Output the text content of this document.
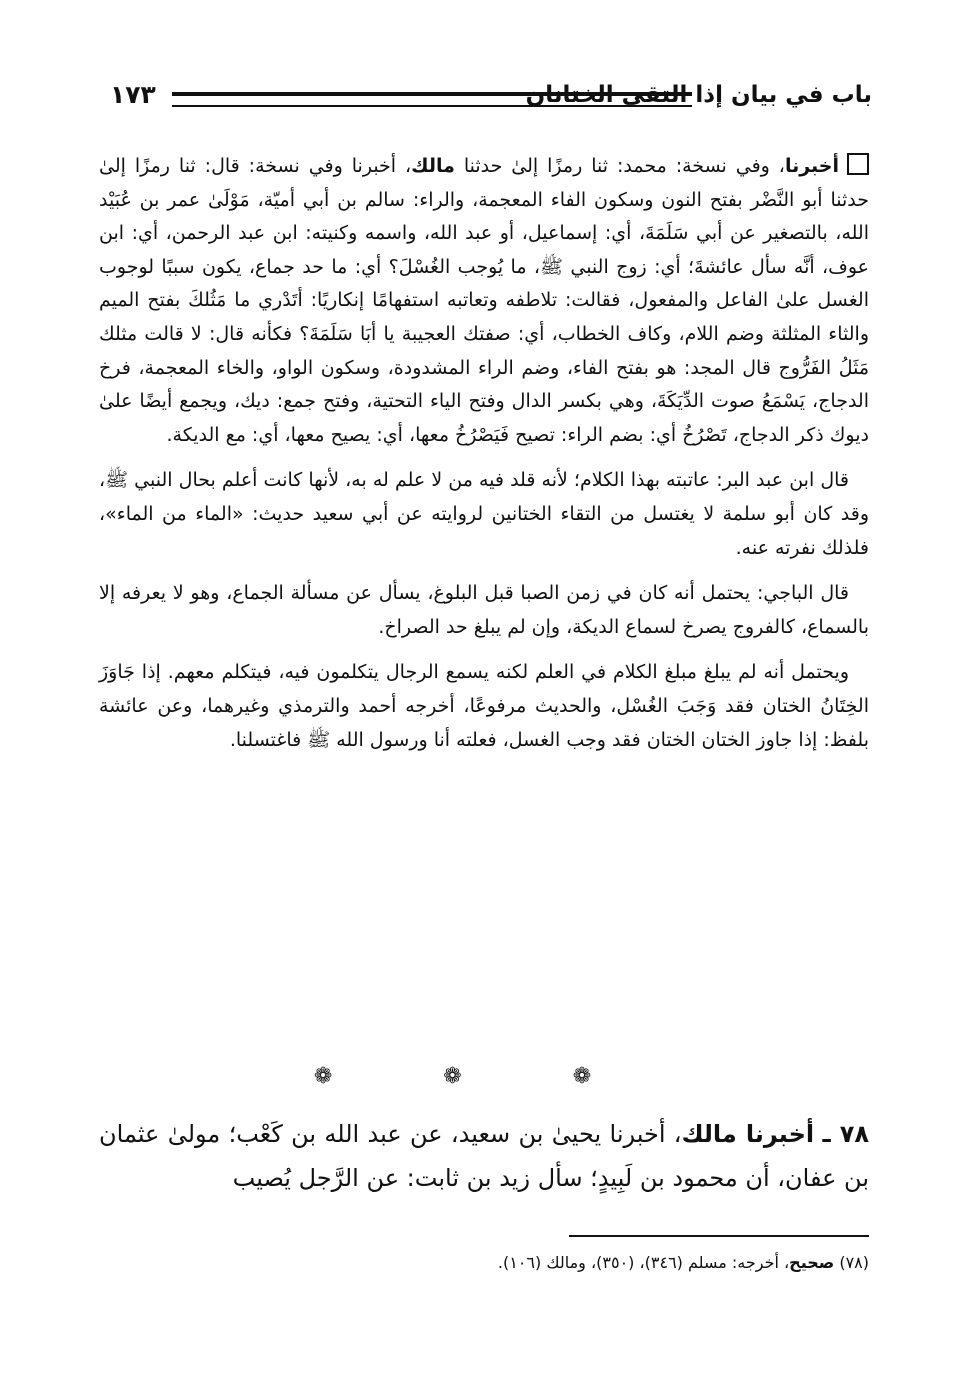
باب في بيان إذا التقى الختانان
١٧٣

أخبرنا، وفي نسخة: محمد: ثنا رمزًا إلىٰ حدثنا مالك، أخبرنا وفي نسخة: قال: ثنا رمزًا إلىٰ حدثنا أبو النَّضْر بفتح النون وسكون الفاء المعجمة، والراء: سالم بن أبي أميّة، مَوْلَىٰ عمر بن عُبَيْد الله، بالتصغير عن أبي سَلَمَةَ، أي: إسماعيل، أو عبد الله، واسمه وكنيته: ابن عبد الرحمن، أي: ابن عوف، أنَّه سأل عائشةَ؛ أي: زوج النبي ﷺ، ما يُوجب الغُسْلَ؟ أي: ما حد جماع، يكون سببًا لوجوب الغسل علىٰ الفاعل والمفعول، فقالت: تلاطفه وتعاتبه استفهامًا إنكاريًا: أتَدْري ما مَثُلكَ بفتح الميم والثاء المثلثة وضم اللام، وكاف الخطاب، أي: صفتك العجيبة يا أبَا سَلَمَةَ؟ فكأنه قال: لا قالت مثلك مَثَلُ الفَرُّوج قال المجد: هو بفتح الفاء، وضم الراء المشدودة، وسكون الواو، والخاء المعجمة، فرخ الدجاج، يَسْمَعُ صوت الدِّيَكَةَ، وهي بكسر الدال وفتح الياء التحتية، وفتح جمع: ديك، ويجمع أيضًا علىٰ ديوك ذكر الدجاج، تَصْرُخُ أي: بضم الراء: تصيح فَيَصْرُخُ معها، أي: يصيح معها، أي: مع الديكة.

قال ابن عبد البر: عاتبته بهذا الكلام؛ لأنه قلد فيه من لا علم له به، لأنها كانت أعلم بحال النبي ﷺ، وقد كان أبو سلمة لا يغتسل من التقاء الختانين لروايته عن أبي سعيد حديث: «الماء من الماء»، فلذلك نفرته عنه.

قال الباجي: يحتمل أنه كان في زمن الصبا قبل البلوغ، يسأل عن مسألة الجماع، وهو لا يعرفه إلا بالسماع، كالفروج يصرخ لسماع الديكة، وإن لم يبلغ حد الصراخ.

ويحتمل أنه لم يبلغ مبلغ الكلام في العلم لكنه يسمع الرجال يتكلمون فيه، فيتكلم معهم. إذا جَاوَزَ الخِتَانُ الختان فقد وَجَبَ الغُسْل، والحديث مرفوعًا، أخرجه أحمد والترمذي وغيرهما، وعن عائشة بلفظ: إذا جاوز الختان الختان فقد وجب الغسل، فعلته أنا ورسول الله ﷺ فاغتسلنا.

❁ ❁ ❁
٧٨ ـ أخبرنا مالك، أخبرنا يحيىٰ بن سعيد، عن عبد الله بن كَعْب؛ مولىٰ عثمان بن عفان، أن محمود بن لَبِيدٍ؛ سأل زيد بن ثابت: عن الرَّجل يُصيب
(٧٨) صحيح، أخرجه: مسلم (٣٤٦)، (٣٥٠)، ومالك (١٠٦).
